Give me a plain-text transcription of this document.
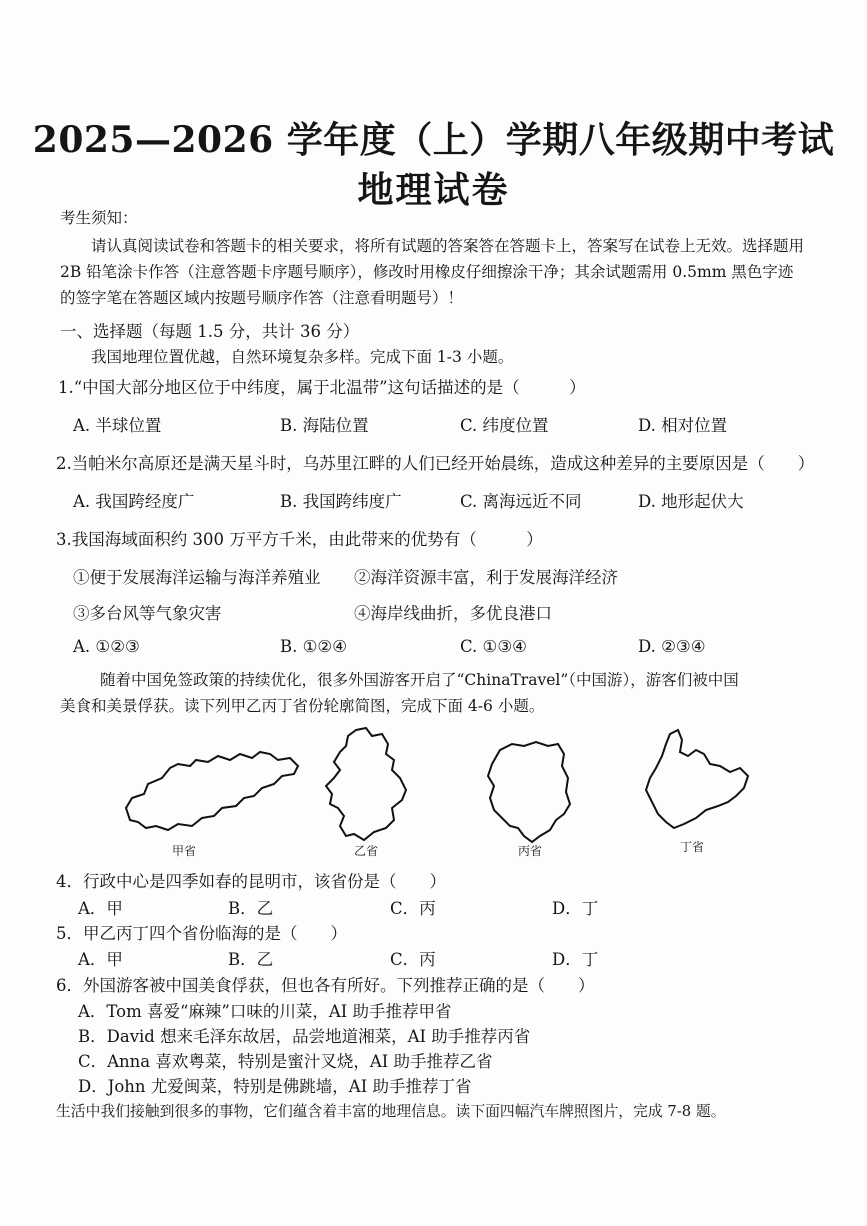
2025—2026 学年度（上）学期八年级期中考试
地理试卷
考生须知：
请认真阅读试卷和答题卡的相关要求，将所有试题的答案答在答题卡上，答案写在试卷上无效。选择题用 2B 铅笔涂卡作答（注意答题卡序题号顺序），修改时用橡皮仔细擦涂干净；其余试题需用 0.5mm 黑色字迹的签字笔在答题区域内按题号顺序作答（注意看明题号）！
一、选择题（每题 1.5 分，共计 36 分）
我国地理位置优越，自然环境复杂多样。完成下面 1-3 小题。
1.“中国大部分地区位于中纬度，属于北温带”这句话描述的是（　　　）
A. 半球位置	B. 海陆位置	C. 纬度位置	D. 相对位置
2.当帕米尔高原还是满天星斗时，乌苏里江畔的人们已经开始晨练，造成这种差异的主要原因是（　　）
A. 我国跨经度广	B. 我国跨纬度广	C. 离海远近不同	D. 地形起伏大
3.我国海域面积约 300 万平方千米，由此带来的优势有（　　　）
①便于发展海洋运输与海洋养殖业 ②海洋资源丰富，利于发展海洋经济
③多台风等气象灾害	④海岸线曲折，多优良港口
A. ①②③	B. ①②④	C. ①③④	D. ②③④
随着中国免签政策的持续优化，很多外国游客开启了“ChinaTravel”（中国游），游客们被中国
美食和美景俘获。读下列甲乙丙丁省份轮廓简图，完成下面 4-6 小题。
甲省	乙省	丙省	丁省
4．行政中心是四季如春的昆明市，该省份是（　　）
A．甲	B．乙	C．丙	D．丁
5．甲乙丙丁四个省份临海的是（　　）
A．甲	B．乙	C．丙	D．丁
6．外国游客被中国美食俘获，但也各有所好。下列推荐正确的是（　　）
A．Tom 喜爱“麻辣”口味的川菜，AI 助手推荐甲省
B．David 想来毛泽东故居，品尝地道湘菜，AI 助手推荐丙省
C．Anna 喜欢粤菜，特别是蜜汁叉烧，AI 助手推荐乙省
D．John 尤爱闽菜，特别是佛跳墙，AI 助手推荐丁省
生活中我们接触到很多的事物，它们蕴含着丰富的地理信息。读下面四幅汽车牌照图片，完成 7-8 题。
